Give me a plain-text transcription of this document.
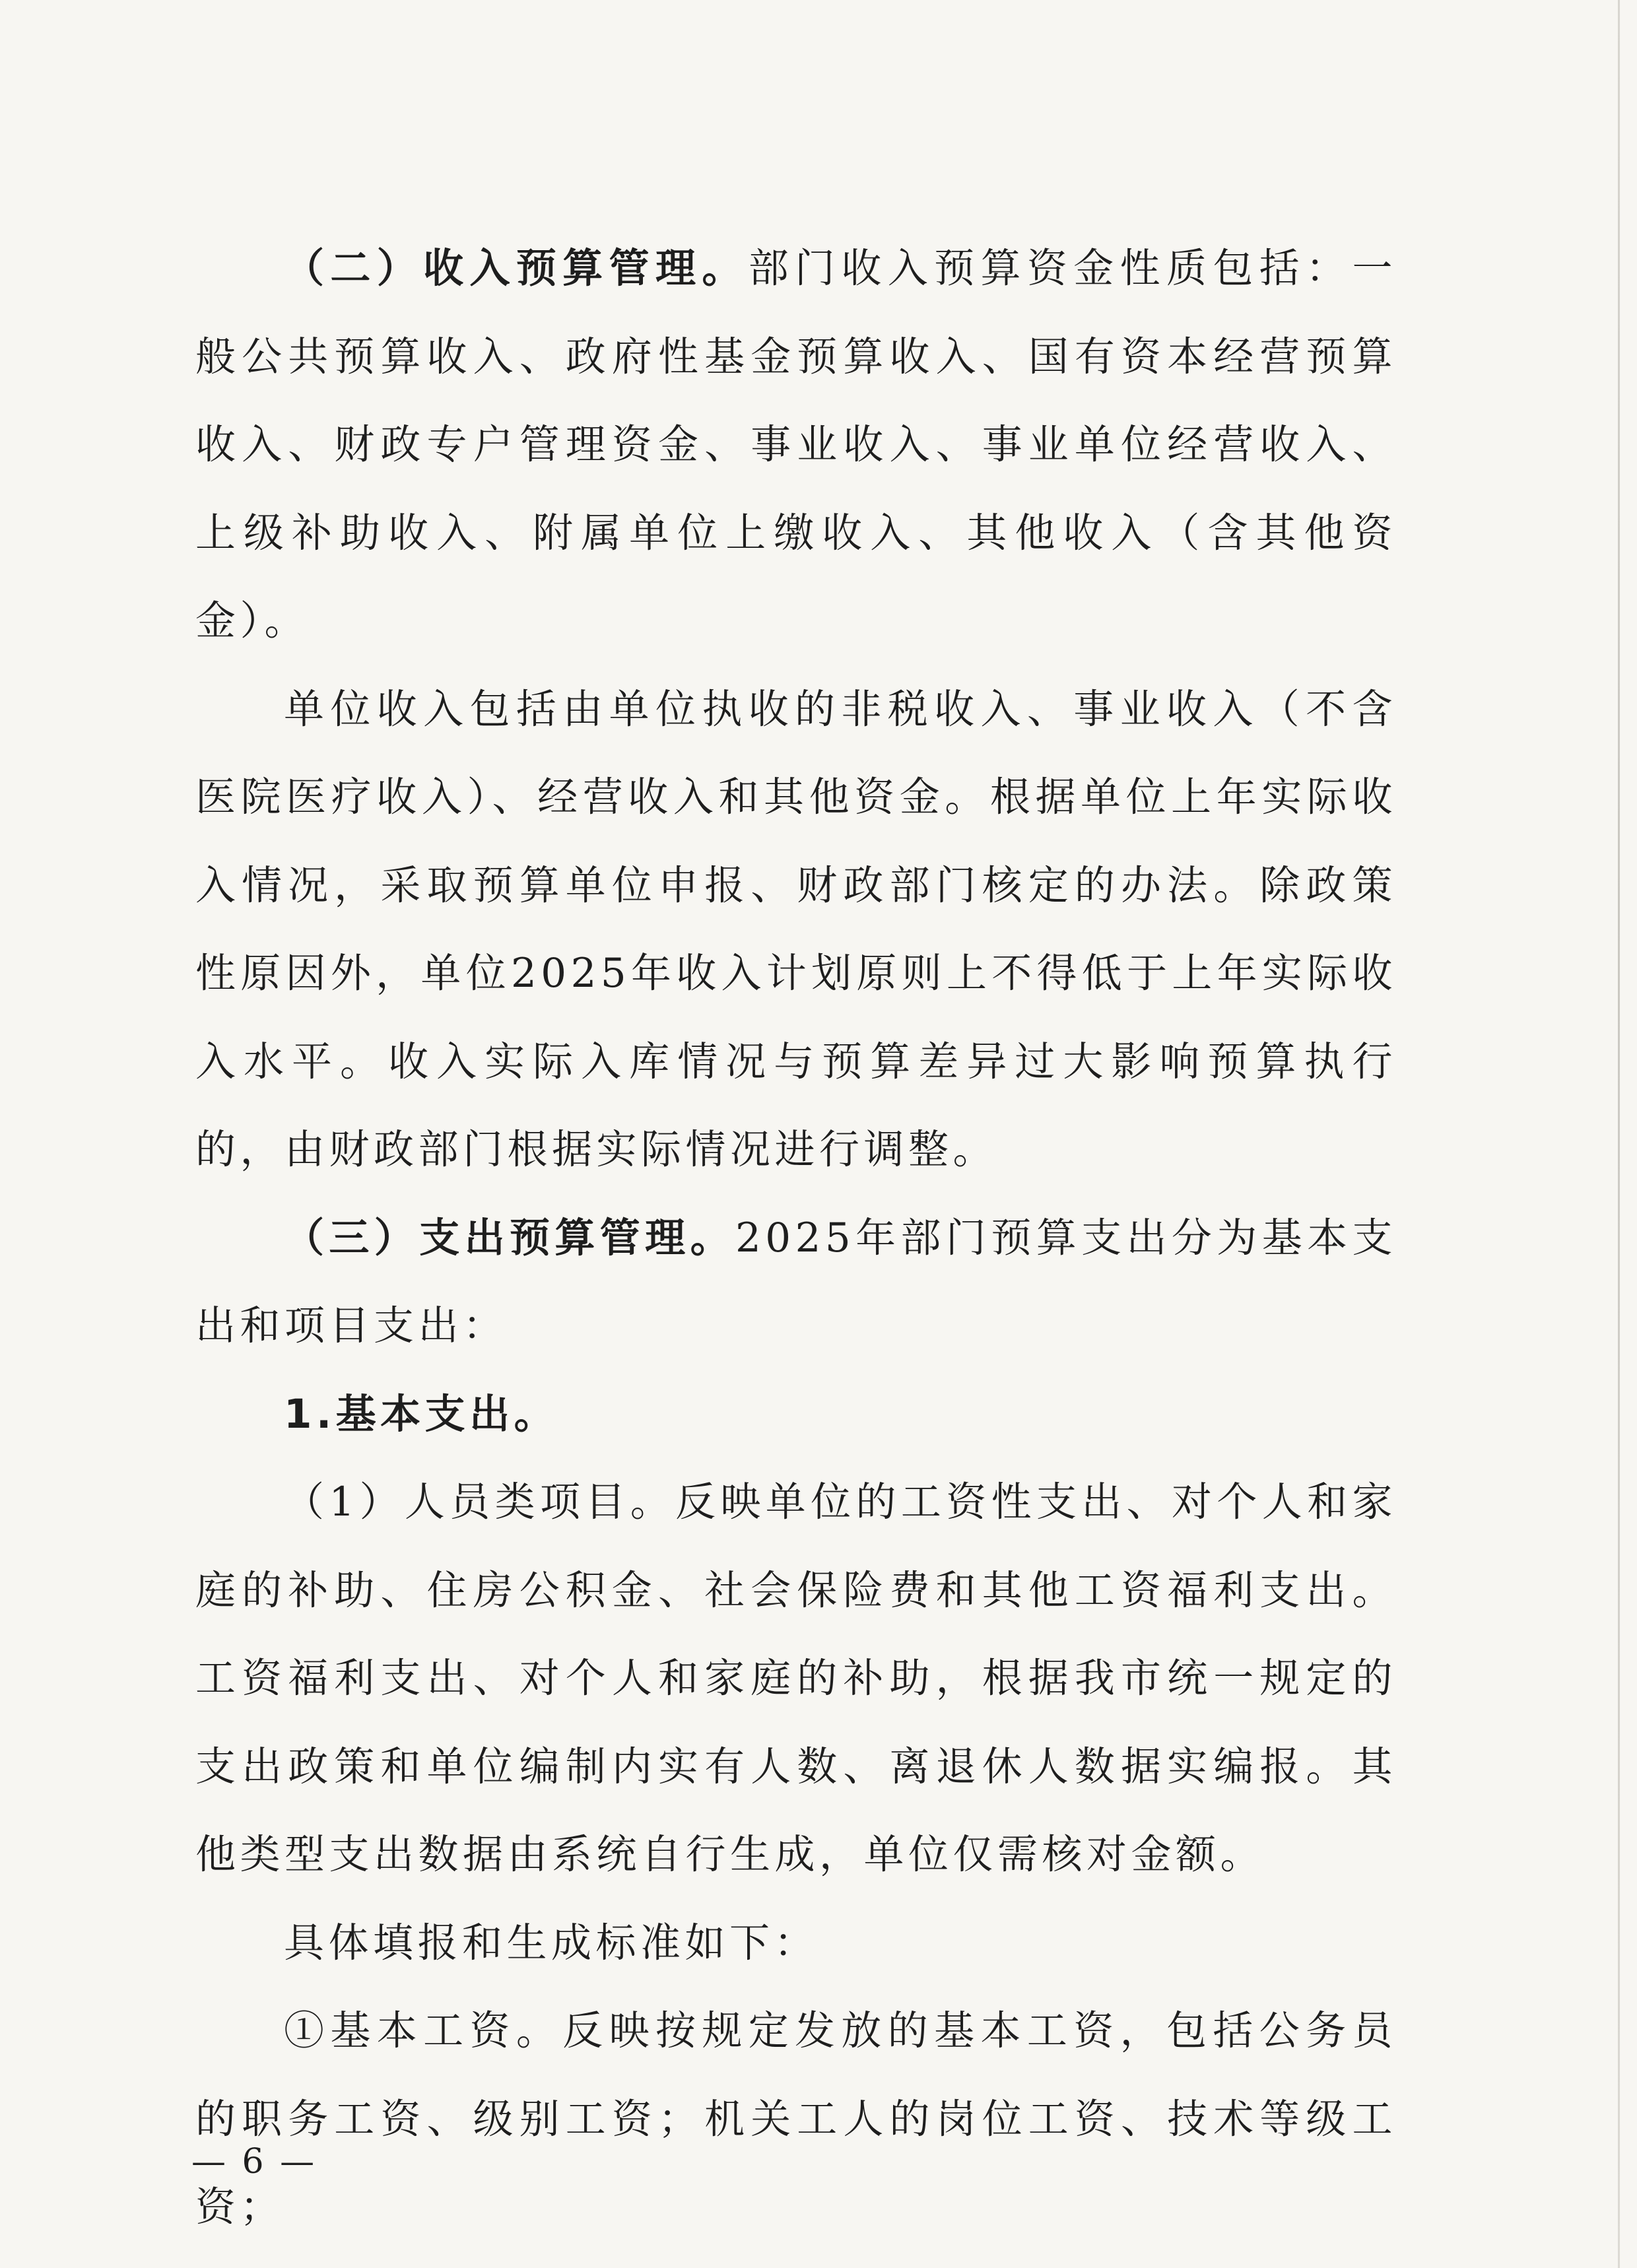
（二）收入预算管理。部门收入预算资金性质包括：一般公共预算收入、政府性基金预算收入、国有资本经营预算收入、财政专户管理资金、事业收入、事业单位经营收入、上级补助收入、附属单位上缴收入、其他收入（含其他资金）。

单位收入包括由单位执收的非税收入、事业收入（不含医院医疗收入）、经营收入和其他资金。根据单位上年实际收入情况，采取预算单位申报、财政部门核定的办法。除政策性原因外，单位2025年收入计划原则上不得低于上年实际收入水平。收入实际入库情况与预算差异过大影响预算执行的，由财政部门根据实际情况进行调整。

（三）支出预算管理。2025年部门预算支出分为基本支出和项目支出：

1.基本支出。

（1）人员类项目。反映单位的工资性支出、对个人和家庭的补助、住房公积金、社会保险费和其他工资福利支出。工资福利支出、对个人和家庭的补助，根据我市统一规定的支出政策和单位编制内实有人数、离退休人数据实编报。其他类型支出数据由系统自行生成，单位仅需核对金额。

具体填报和生成标准如下：

①基本工资。反映按规定发放的基本工资，包括公务员的职务工资、级别工资；机关工人的岗位工资、技术等级工资；

— 6 —
